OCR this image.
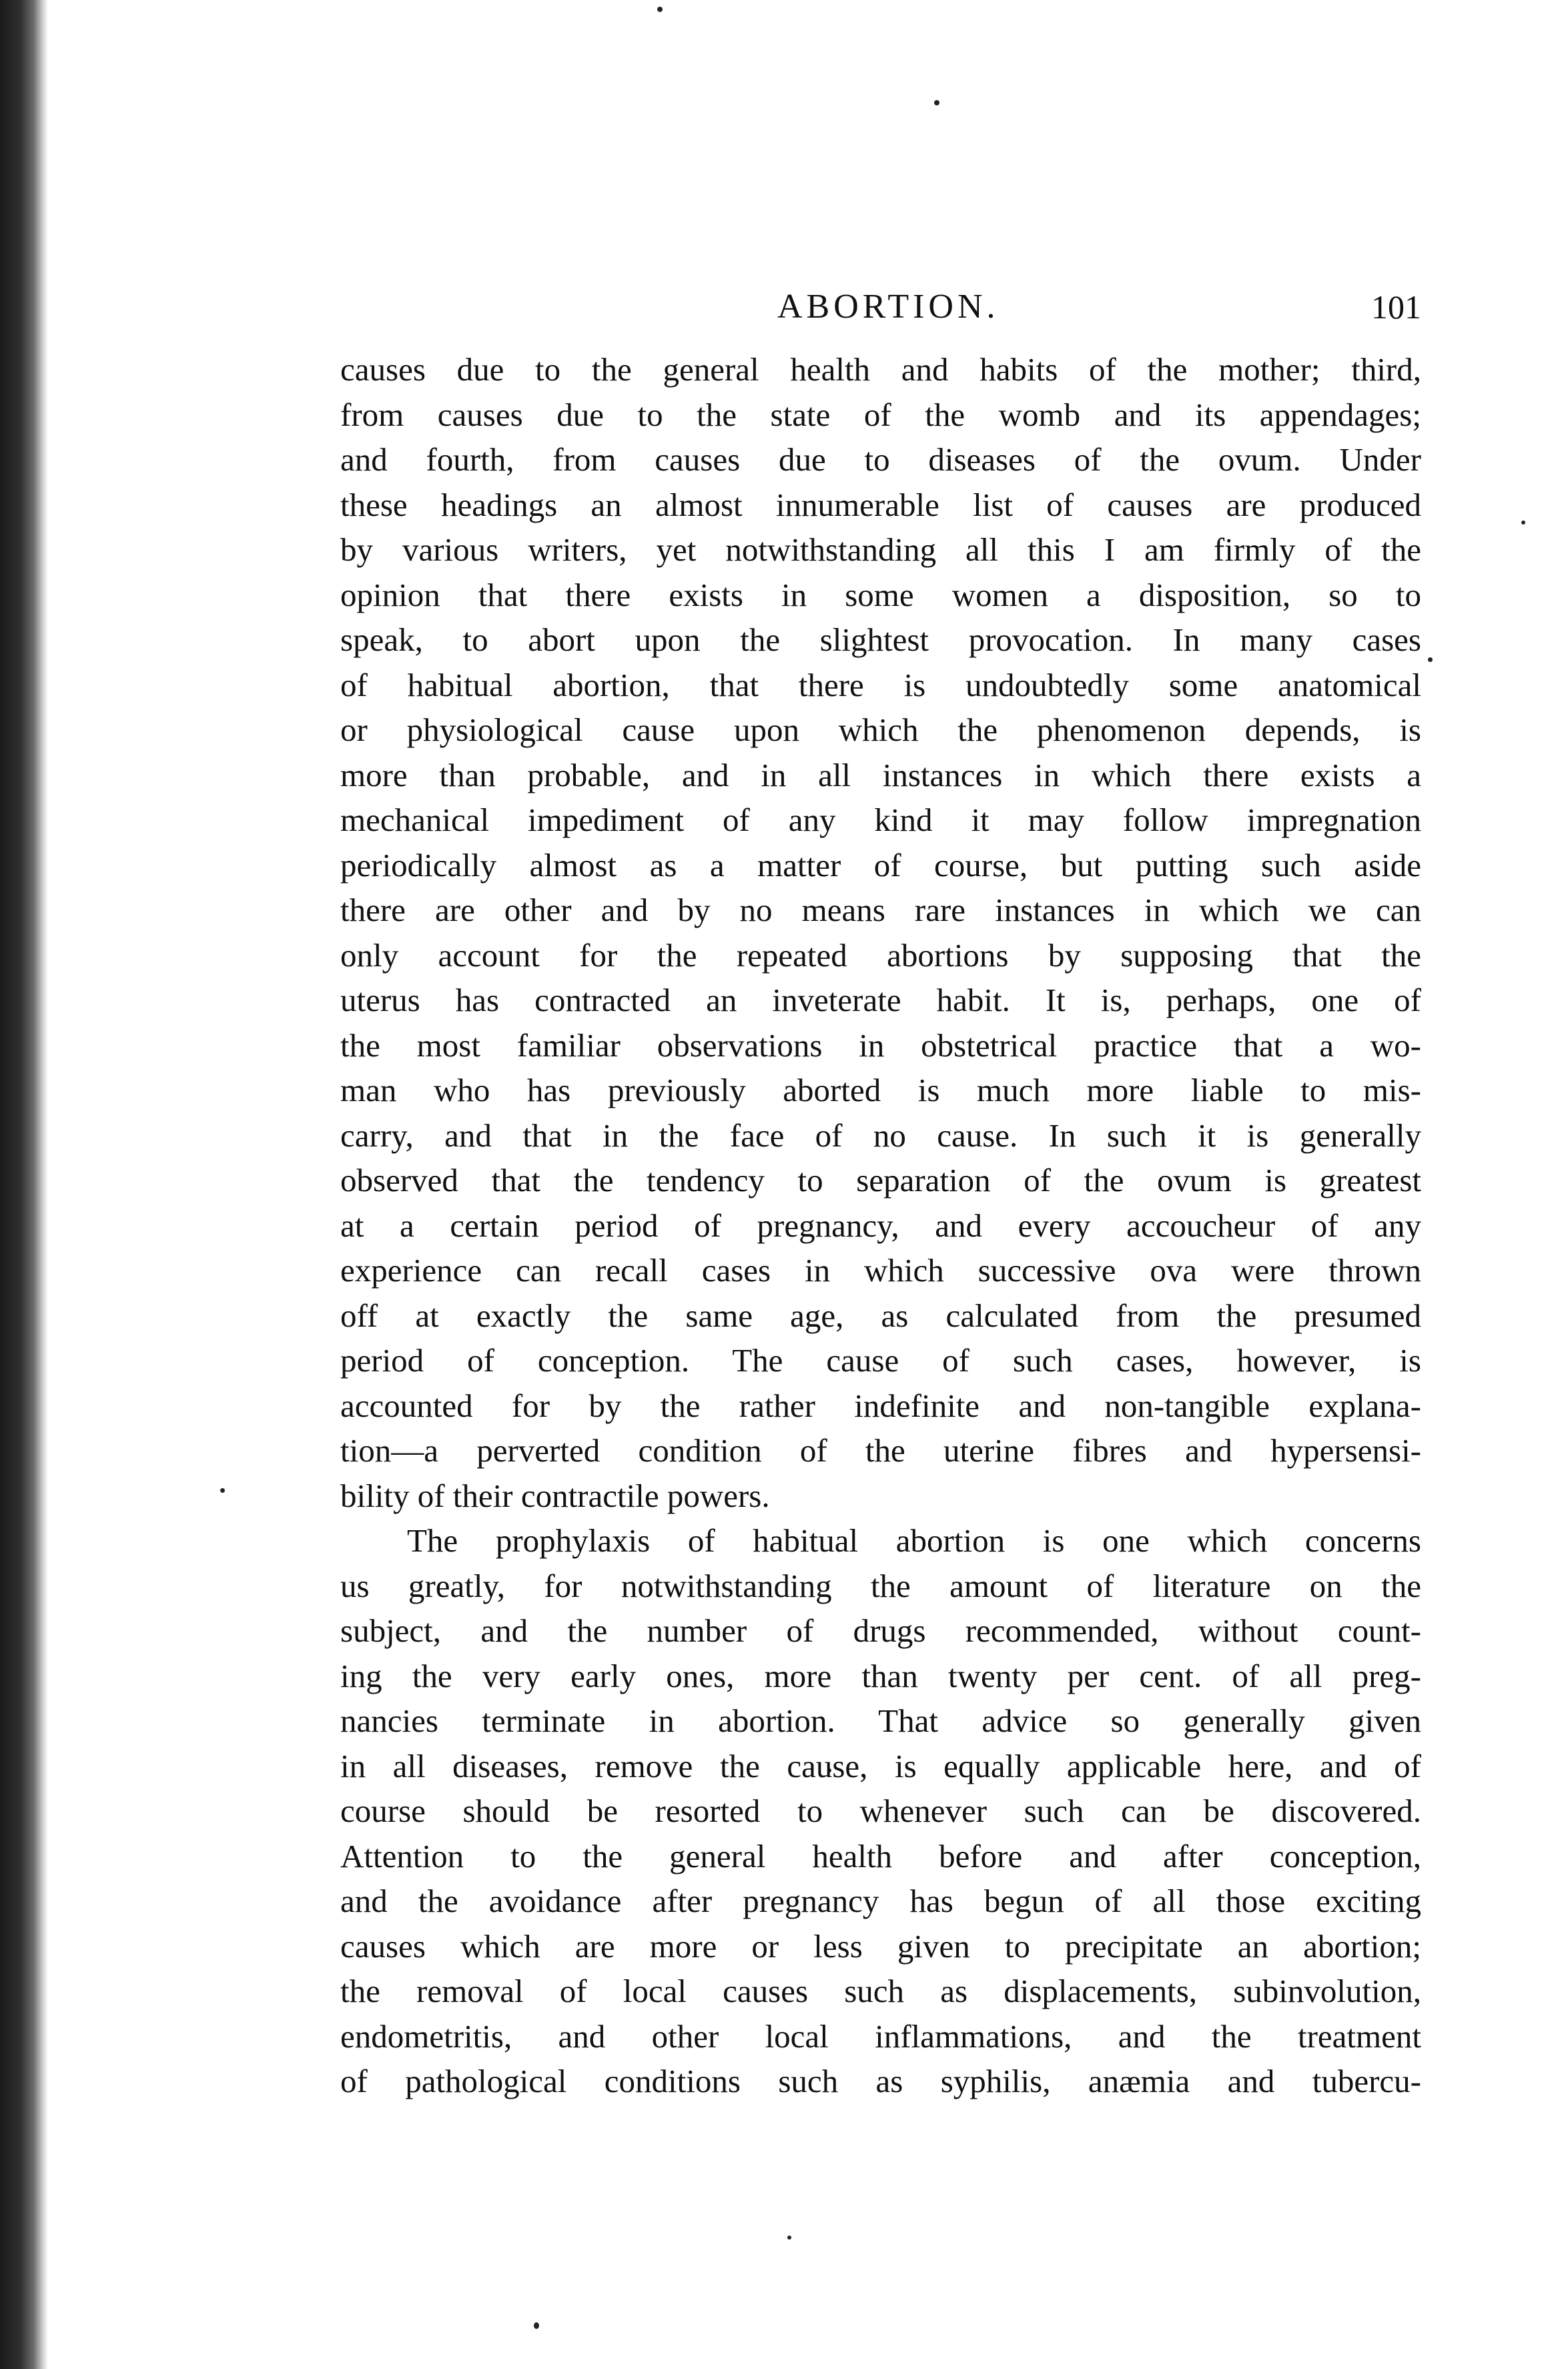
ABORTION.	101
causes due to the general health and habits of the mother; third,
from causes due to the state of the womb and its appendages;
and fourth, from causes due to diseases of the ovum. Under
these headings an almost innumerable list of causes are produced
by various writers, yet notwithstanding all this I am firmly of the
opinion that there exists in some women a disposition, so to
speak, to abort upon the slightest provocation. In many cases
of habitual abortion, that there is undoubtedly some anatomical
or physiological cause upon which the phenomenon depends, is
more than probable, and in all instances in which there exists a
mechanical impediment of any kind it may follow impregnation
periodically almost as a matter of course, but putting such aside
there are other and by no means rare instances in which we can
only account for the repeated abortions by supposing that the
uterus has contracted an inveterate habit. It is, perhaps, one of
the most familiar observations in obstetrical practice that a wo-
man who has previously aborted is much more liable to mis-
carry, and that in the face of no cause. In such it is generally
observed that the tendency to separation of the ovum is greatest
at a certain period of pregnancy, and every accoucheur of any
experience can recall cases in which successive ova were thrown
off at exactly the same age, as calculated from the presumed
period of conception. The cause of such cases, however, is
accounted for by the rather indefinite and non-tangible explana-
tion—a perverted condition of the uterine fibres and hypersensi-
bility of their contractile powers.
The prophylaxis of habitual abortion is one which concerns
us greatly, for notwithstanding the amount of literature on the
subject, and the number of drugs recommended, without count-
ing the very early ones, more than twenty per cent. of all preg-
nancies terminate in abortion. That advice so generally given
in all diseases, remove the cause, is equally applicable here, and of
course should be resorted to whenever such can be discovered.
Attention to the general health before and after conception,
and the avoidance after pregnancy has begun of all those exciting
causes which are more or less given to precipitate an abortion;
the removal of local causes such as displacements, subinvolution,
endometritis, and other local inflammations, and the treatment
of pathological conditions such as syphilis, anæmia and tubercu-
